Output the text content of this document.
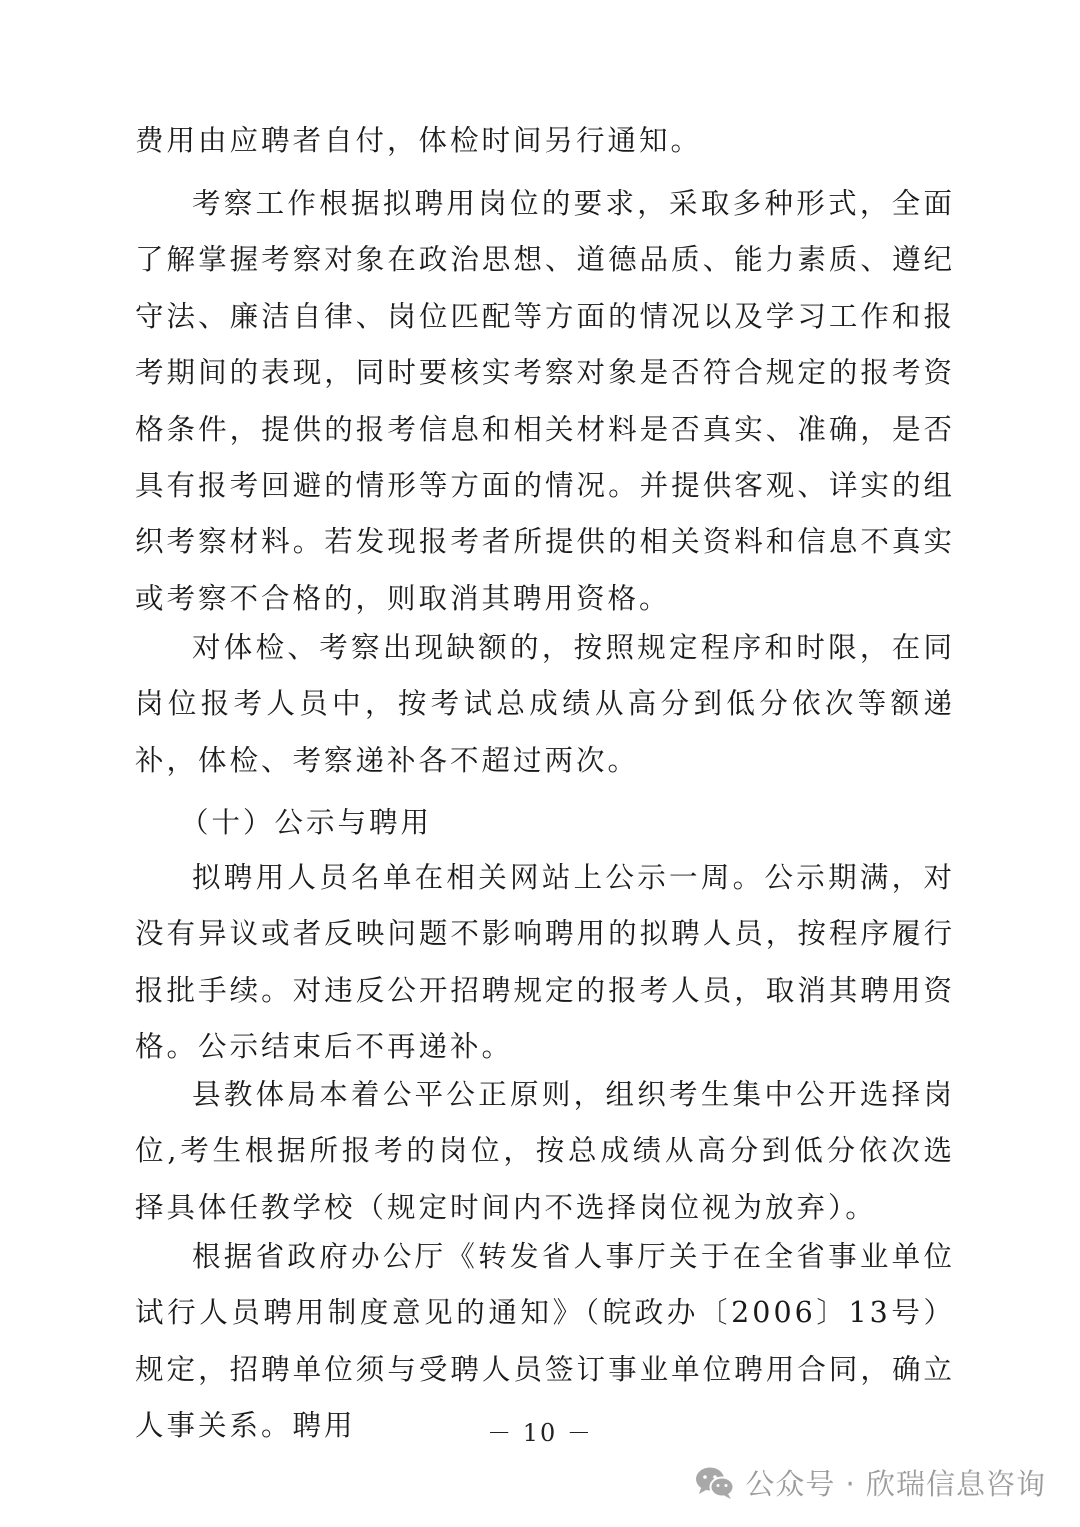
费用由应聘者自付，体检时间另行通知。

考察工作根据拟聘用岗位的要求，采取多种形式，全面了解掌握考察对象在政治思想、道德品质、能力素质、遵纪守法、廉洁自律、岗位匹配等方面的情况以及学习工作和报考期间的表现，同时要核实考察对象是否符合规定的报考资格条件，提供的报考信息和相关材料是否真实、准确，是否具有报考回避的情形等方面的情况。并提供客观、详实的组织考察材料。若发现报考者所提供的相关资料和信息不真实或考察不合格的，则取消其聘用资格。

对体检、考察出现缺额的，按照规定程序和时限，在同岗位报考人员中，按考试总成绩从高分到低分依次等额递补，体检、考察递补各不超过两次。

（十）公示与聘用

拟聘用人员名单在相关网站上公示一周。公示期满，对没有异议或者反映问题不影响聘用的拟聘人员，按程序履行报批手续。对违反公开招聘规定的报考人员，取消其聘用资格。公示结束后不再递补。

县教体局本着公平公正原则，组织考生集中公开选择岗位,考生根据所报考的岗位，按总成绩从高分到低分依次选择具体任教学校（规定时间内不选择岗位视为放弃）。

根据省政府办公厅《转发省人事厅关于在全省事业单位试行人员聘用制度意见的通知》（皖政办〔2006〕13号）规定，招聘单位须与受聘人员签订事业单位聘用合同，确立人事关系。聘用	－ 10 －
公众号 · 欣瑞信息咨询
